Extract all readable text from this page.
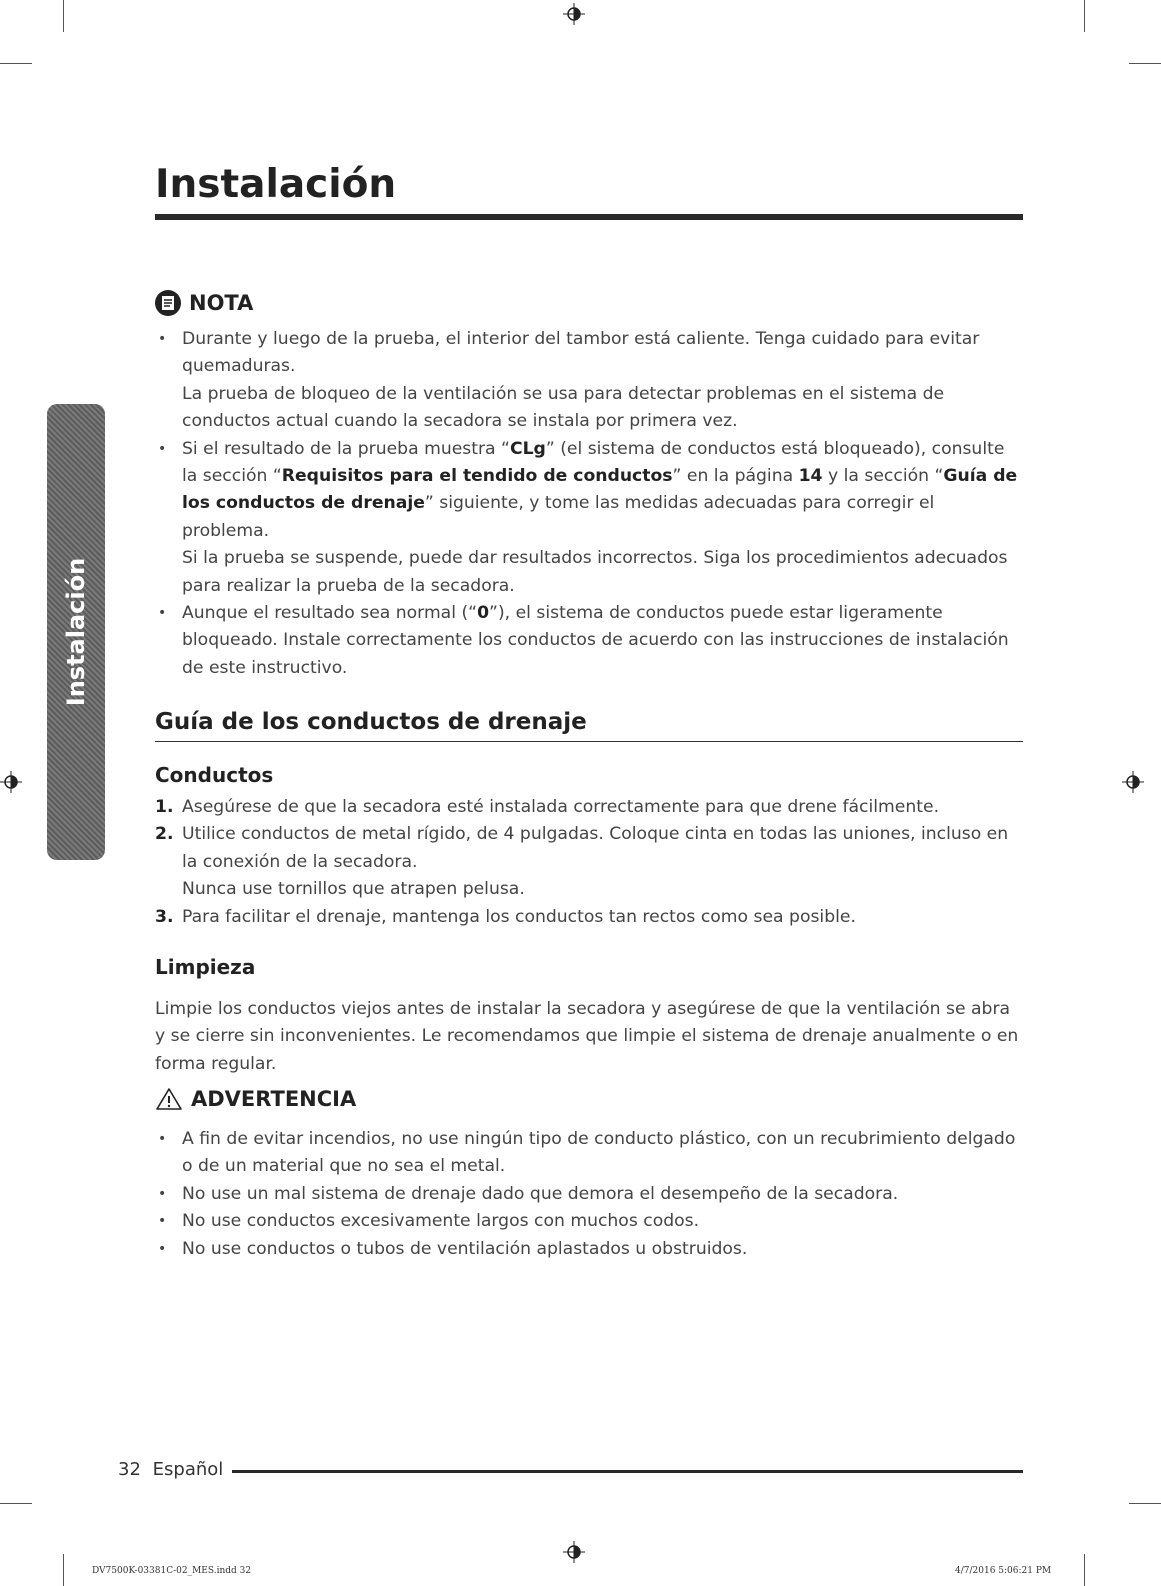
Instalación
Instalación
NOTA
• Durante y luego de la prueba, el interior del tambor está caliente. Tenga cuidado para evitar quemaduras.
La prueba de bloqueo de la ventilación se usa para detectar problemas en el sistema de conductos actual cuando la secadora se instala por primera vez.
• Si el resultado de la prueba muestra “CLg” (el sistema de conductos está bloqueado), consulte la sección “Requisitos para el tendido de conductos” en la página 14 y la sección “Guía de los conductos de drenaje” siguiente, y tome las medidas adecuadas para corregir el problema.
Si la prueba se suspende, puede dar resultados incorrectos. Siga los procedimientos adecuados para realizar la prueba de la secadora.
• Aunque el resultado sea normal (“0”), el sistema de conductos puede estar ligeramente bloqueado. Instale correctamente los conductos de acuerdo con las instrucciones de instalación de este instructivo.
Guía de los conductos de drenaje
Conductos
1. Asegúrese de que la secadora esté instalada correctamente para que drene fácilmente.
2. Utilice conductos de metal rígido, de 4 pulgadas. Coloque cinta en todas las uniones, incluso en la conexión de la secadora.
Nunca use tornillos que atrapen pelusa.
3. Para facilitar el drenaje, mantenga los conductos tan rectos como sea posible.
Limpieza

Limpie los conductos viejos antes de instalar la secadora y asegúrese de que la ventilación se abra y se cierre sin inconvenientes. Le recomendamos que limpie el sistema de drenaje anualmente o en forma regular.

ADVERTENCIA
• A fin de evitar incendios, no use ningún tipo de conducto plástico, con un recubrimiento delgado o de un material que no sea el metal.
• No use un mal sistema de drenaje dado que demora el desempeño de la secadora.
• No use conductos excesivamente largos con muchos codos.
• No use conductos o tubos de ventilación aplastados u obstruidos.
32 Español
DV7500K-03381C-02_MES.indd 32	4/7/2016 5:06:21 PM
